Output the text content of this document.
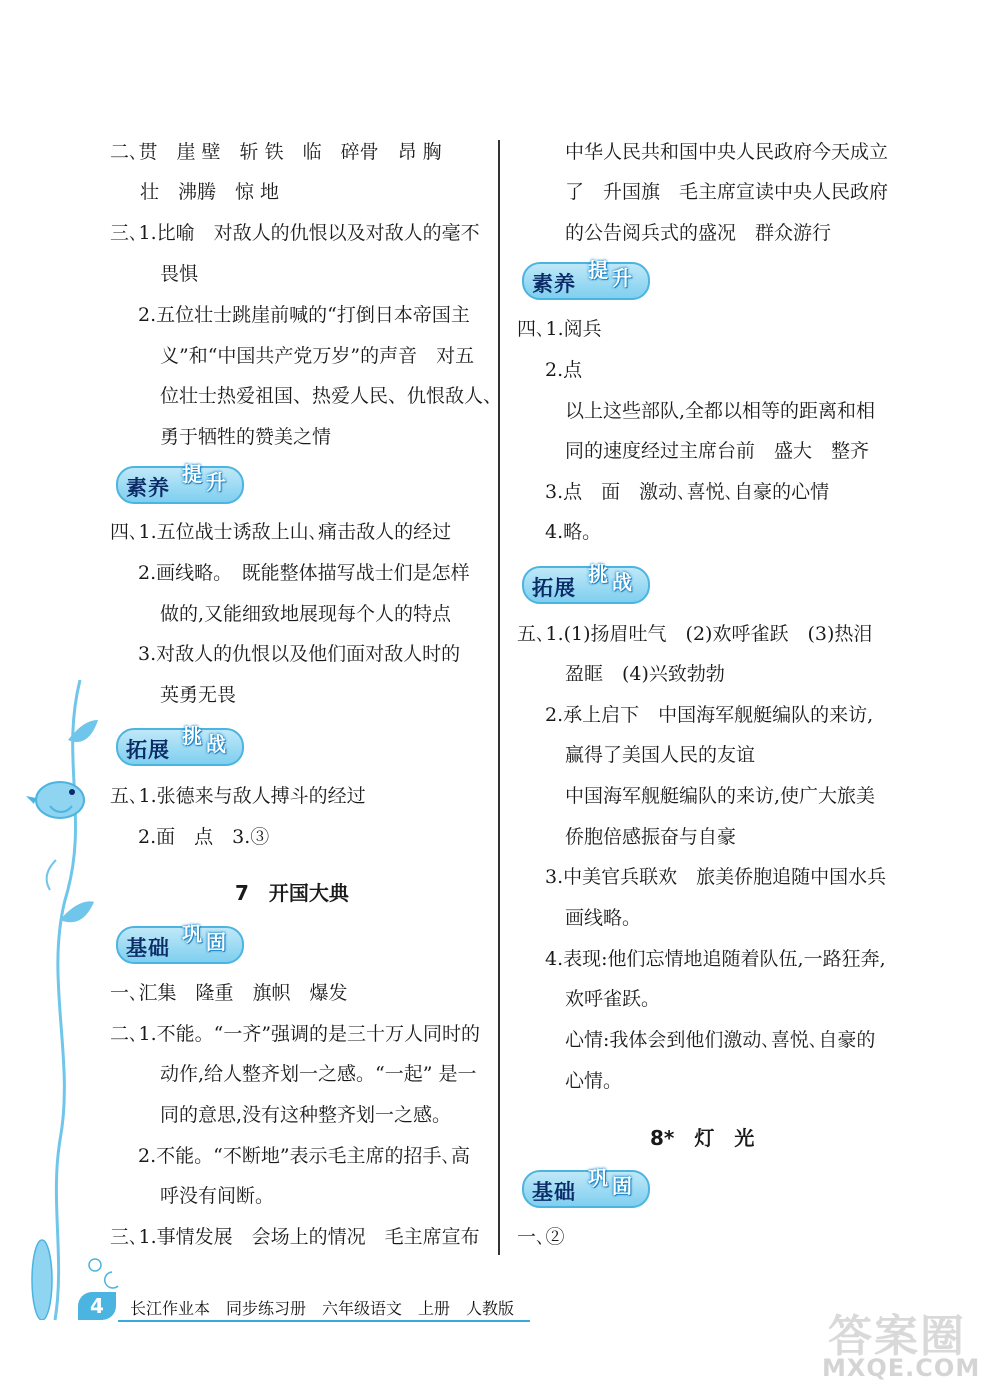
二､贯　崖 壁　斩 铁　临　碎骨　昂 胸
壮　沸腾　惊 地
三､1.比喻　对敌人的仇恨以及对敌人的毫不
畏惧
2.五位壮士跳崖前喊的“打倒日本帝国主
义”和“中国共产党万岁”的声音　对五
位壮士热爱祖国、热爱人民、仇恨敌人、
勇于牺牲的赞美之情
素养
提 升
四､1.五位战士诱敌上山､痛击敌人的经过
2.画线略。　既能整体描写战士们是怎样
做的,又能细致地展现每个人的特点
3.对敌人的仇恨以及他们面对敌人时的
英勇无畏
拓展
挑 战
五､1.张德来与敌人搏斗的经过
2.面　点　3.③
7　开国大典
基础
巩 固
一､汇集　隆重　旗帜　爆发
二､1.不能。“一齐”强调的是三十万人同时的
动作,给人整齐划一之感。“一起” 是一
同的意思,没有这种整齐划一之感。
2.不能。“不断地”表示毛主席的招手､高
呼没有间断。
三､1.事情发展　会场上的情况　毛主席宣布
中华人民共和国中央人民政府今天成立
了　升国旗　毛主席宣读中央人民政府
的公告阅兵式的盛况　群众游行
素养
提 升
四､1.阅兵
2.点
以上这些部队,全都以相等的距离和相
同的速度经过主席台前　盛大　整齐
3.点　面　激动､喜悦､自豪的心情
4.略。
拓展
挑 战
五､1.(1)扬眉吐气　(2)欢呼雀跃　(3)热泪
盈眶　(4)兴致勃勃
2.承上启下　中国海军舰艇编队的来访,
赢得了美国人民的友谊
中国海军舰艇编队的来访,使广大旅美
侨胞倍感振奋与自豪
3.中美官兵联欢　旅美侨胞追随中国水兵
画线略。
4.表现:他们忘情地追随着队伍,一路狂奔,
欢呼雀跃。
心情:我体会到他们激动､喜悦､自豪的
心情。
8*　灯　光
基础
巩 固
一､②
4	长江作业本　同步练习册　六年级语文　上册　人教版
答案圈
MXQE.COM
